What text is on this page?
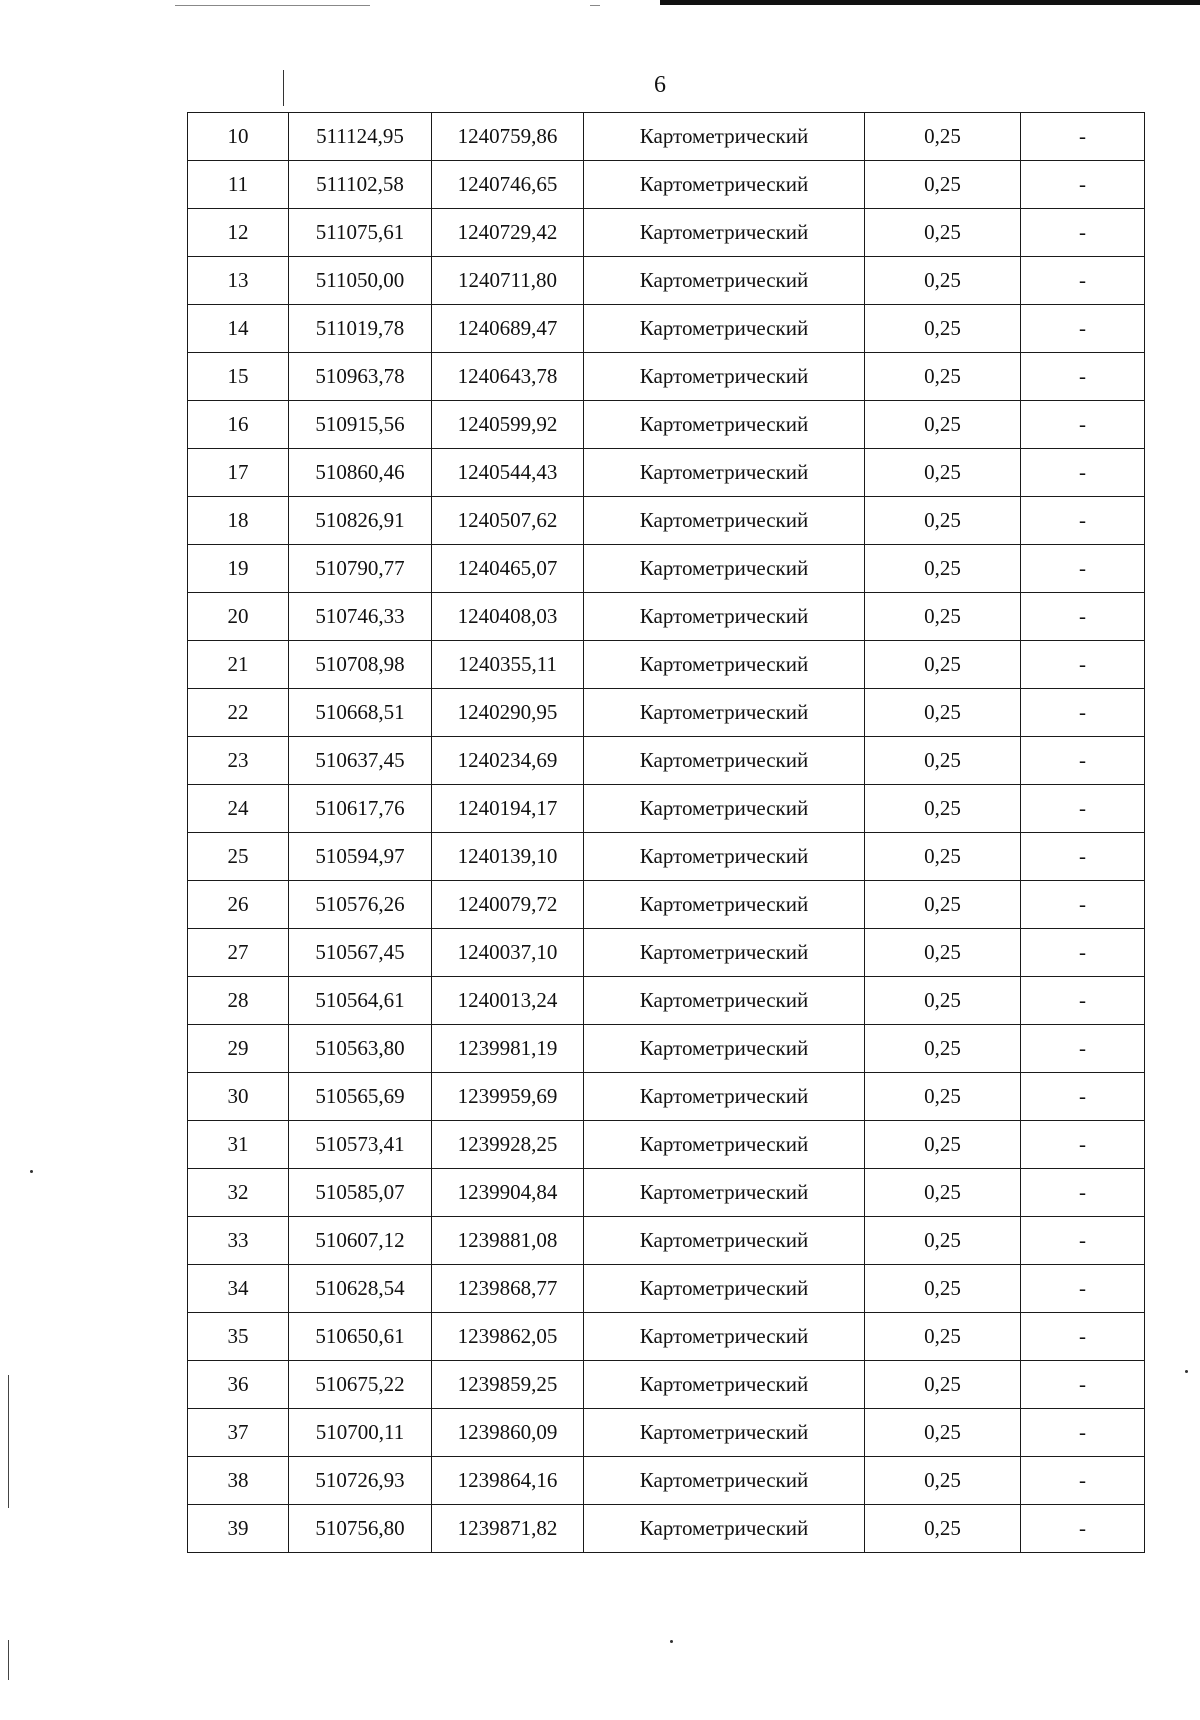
6
10	511124,95	1240759,86	Картометрический	0,25	-
11	511102,58	1240746,65	Картометрический	0,25	-
12	511075,61	1240729,42	Картометрический	0,25	-
13	511050,00	1240711,80	Картометрический	0,25	-
14	511019,78	1240689,47	Картометрический	0,25	-
15	510963,78	1240643,78	Картометрический	0,25	-
16	510915,56	1240599,92	Картометрический	0,25	-
17	510860,46	1240544,43	Картометрический	0,25	-
18	510826,91	1240507,62	Картометрический	0,25	-
19	510790,77	1240465,07	Картометрический	0,25	-
20	510746,33	1240408,03	Картометрический	0,25	-
21	510708,98	1240355,11	Картометрический	0,25	-
22	510668,51	1240290,95	Картометрический	0,25	-
23	510637,45	1240234,69	Картометрический	0,25	-
24	510617,76	1240194,17	Картометрический	0,25	-
25	510594,97	1240139,10	Картометрический	0,25	-
26	510576,26	1240079,72	Картометрический	0,25	-
27	510567,45	1240037,10	Картометрический	0,25	-
28	510564,61	1240013,24	Картометрический	0,25	-
29	510563,80	1239981,19	Картометрический	0,25	-
30	510565,69	1239959,69	Картометрический	0,25	-
31	510573,41	1239928,25	Картометрический	0,25	-
32	510585,07	1239904,84	Картометрический	0,25	-
33	510607,12	1239881,08	Картометрический	0,25	-
34	510628,54	1239868,77	Картометрический	0,25	-
35	510650,61	1239862,05	Картометрический	0,25	-
36	510675,22	1239859,25	Картометрический	0,25	-
37	510700,11	1239860,09	Картометрический	0,25	-
38	510726,93	1239864,16	Картометрический	0,25	-
39	510756,80	1239871,82	Картометрический	0,25	-
